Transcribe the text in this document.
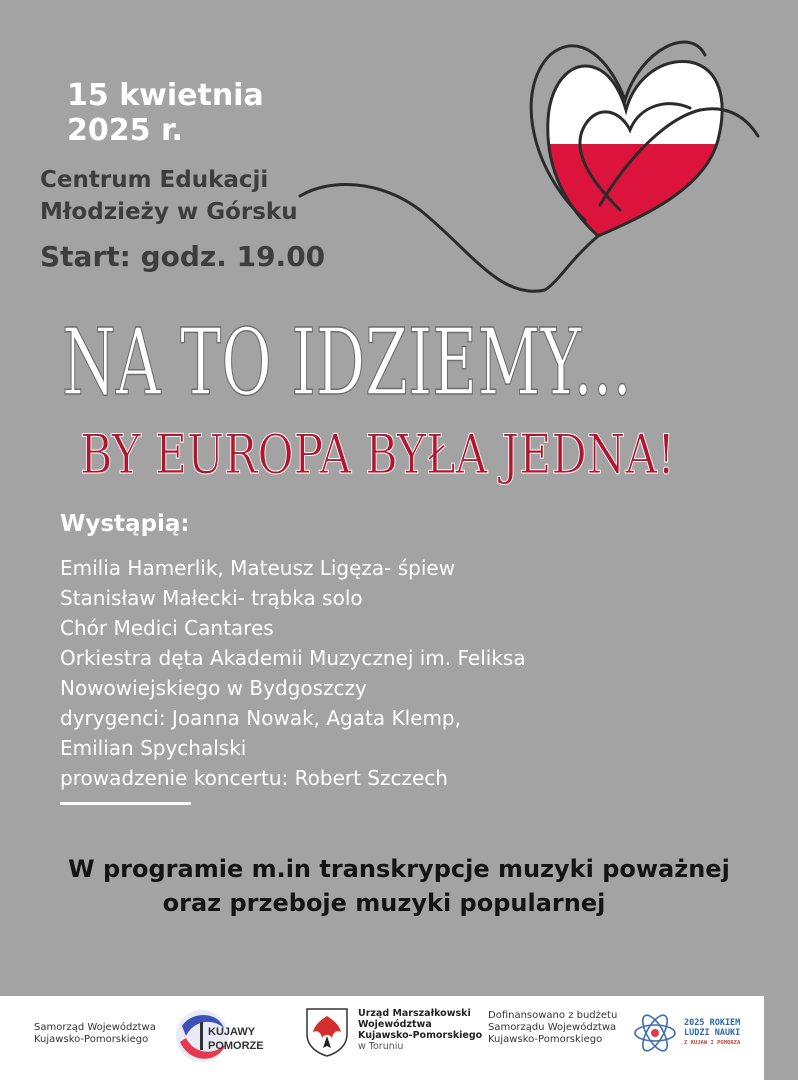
15 kwietnia
2025 r.
Centrum Edukacji
Młodzieży w Górsku
Start: godz. 19.00
NA TO IDZIEMY...
BY EUROPA BYŁA JEDNA!
Wystąpią:
Emilia Hamerlik, Mateusz Ligęza- śpiew
Stanisław Małecki- trąbka solo
Chór Medici Cantares
Orkiestra dęta Akademii Muzycznej im. Feliksa
Nowowiejskiego w Bydgoszczy
dyrygenci: Joanna Nowak, Agata Klemp,
Emilian Spychalski
prowadzenie koncertu: Robert Szczech
W programie m.in transkrypcje muzyki poważnej
oraz przeboje muzyki popularnej
Samorząd Województwa
Kujawsko-Pomorskiego
KUJAWY
POMORZE
Urząd Marszałkowski
Województwa
Kujawsko-Pomorskiego
w Toruniu
Dofinansowano z budżetu
Samorządu Województwa
Kujawsko-Pomorskiego
2025 ROKIEM
LUDZI NAUKI
Z KUJAW I POMORZA
